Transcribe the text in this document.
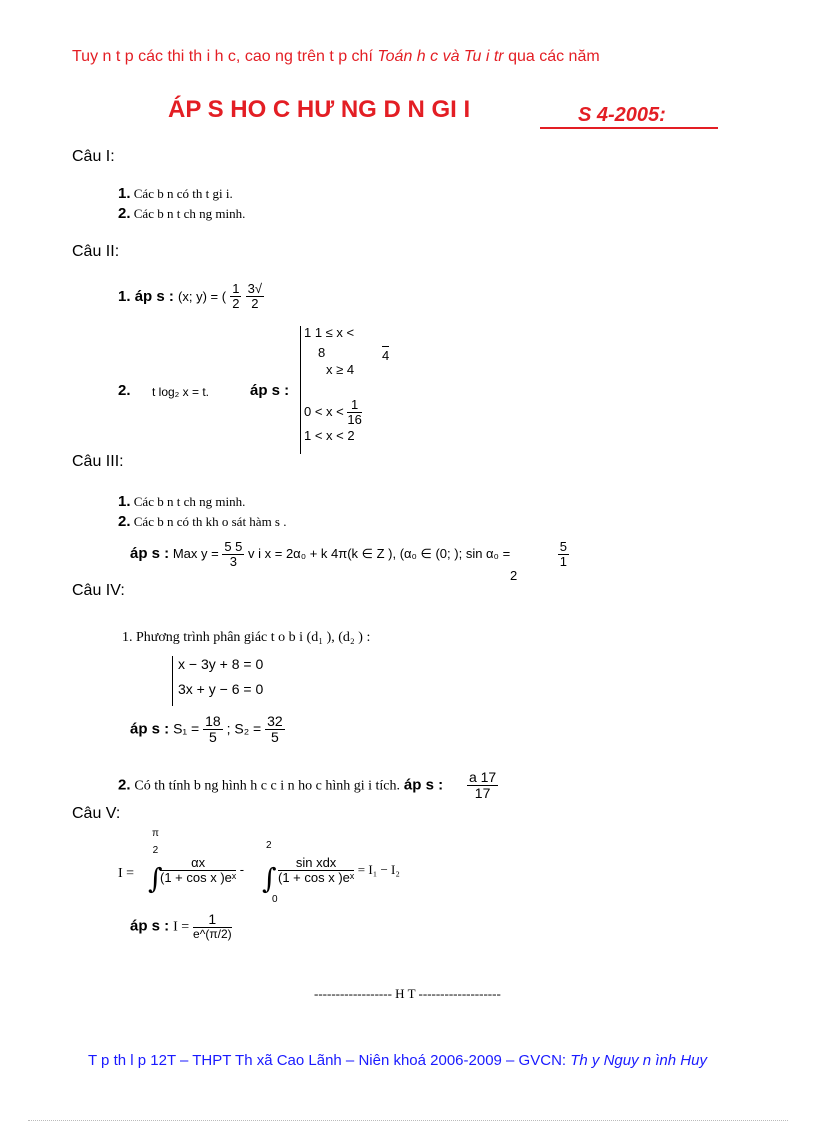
Tuy n t p các thi th i h c, cao ng trên t p chí Toán h c và Tu i tr qua các năm
ÁP S HO C HƯ NG D N GI I	S 4-2005:
Câu I:
1. Các b n có th t gi i.
2. Các b n t ch ng minh.
Câu II:
1. áp s : (x; y) = ( $\frac{1}{2}$
$\frac{3√}{2}$
2. t log₂ x = t.	áp s :
1 1 ≤ x <
4
8
x ≥ 4
$0 < x < \frac{1}{16}$
1 < x < 2
Câu III:
1. Các b n t ch ng minh.
2. Các b n có th kh o sát hàm s .
áp s : Max $y = \frac{5 5}{3}$ v i x = 2α₀ + k 4π(k ∈ Z ), (α₀ ∈ (0; ); sin α₀ =	$\frac{5}{1}$
2
Câu IV:
1. Phương trình phân giác t o b i (d₁ ), (d₂ ) :
x − 3y + 8 = 0
3x + y − 6 = 0
áp s : $S_1 = \frac{18}{5}$ ; $S_2 = \frac{32}{5}$
2. Có th tính b ng hình h c c i n ho c hình gi i tích. áp s : $\frac{a 17}{17}$
Câu V:
I =
π
2
∫
$\frac{\alpha x}{\text{(1 + cos x )eˣ}}$ -
2
∫
0
$\frac{\text{sin xdx}}{\text{(1 + cos x )eˣ}} = I_1 - I_2$
áp s : $I = \frac{1}{e\^{}(\pi/2)}$
------------------ H T -------------------
T p th l p 12T – THPT Th xã Cao Lãnh – Niên khoá 2006-2009 – GVCN: Th y Nguy n ình Huy
